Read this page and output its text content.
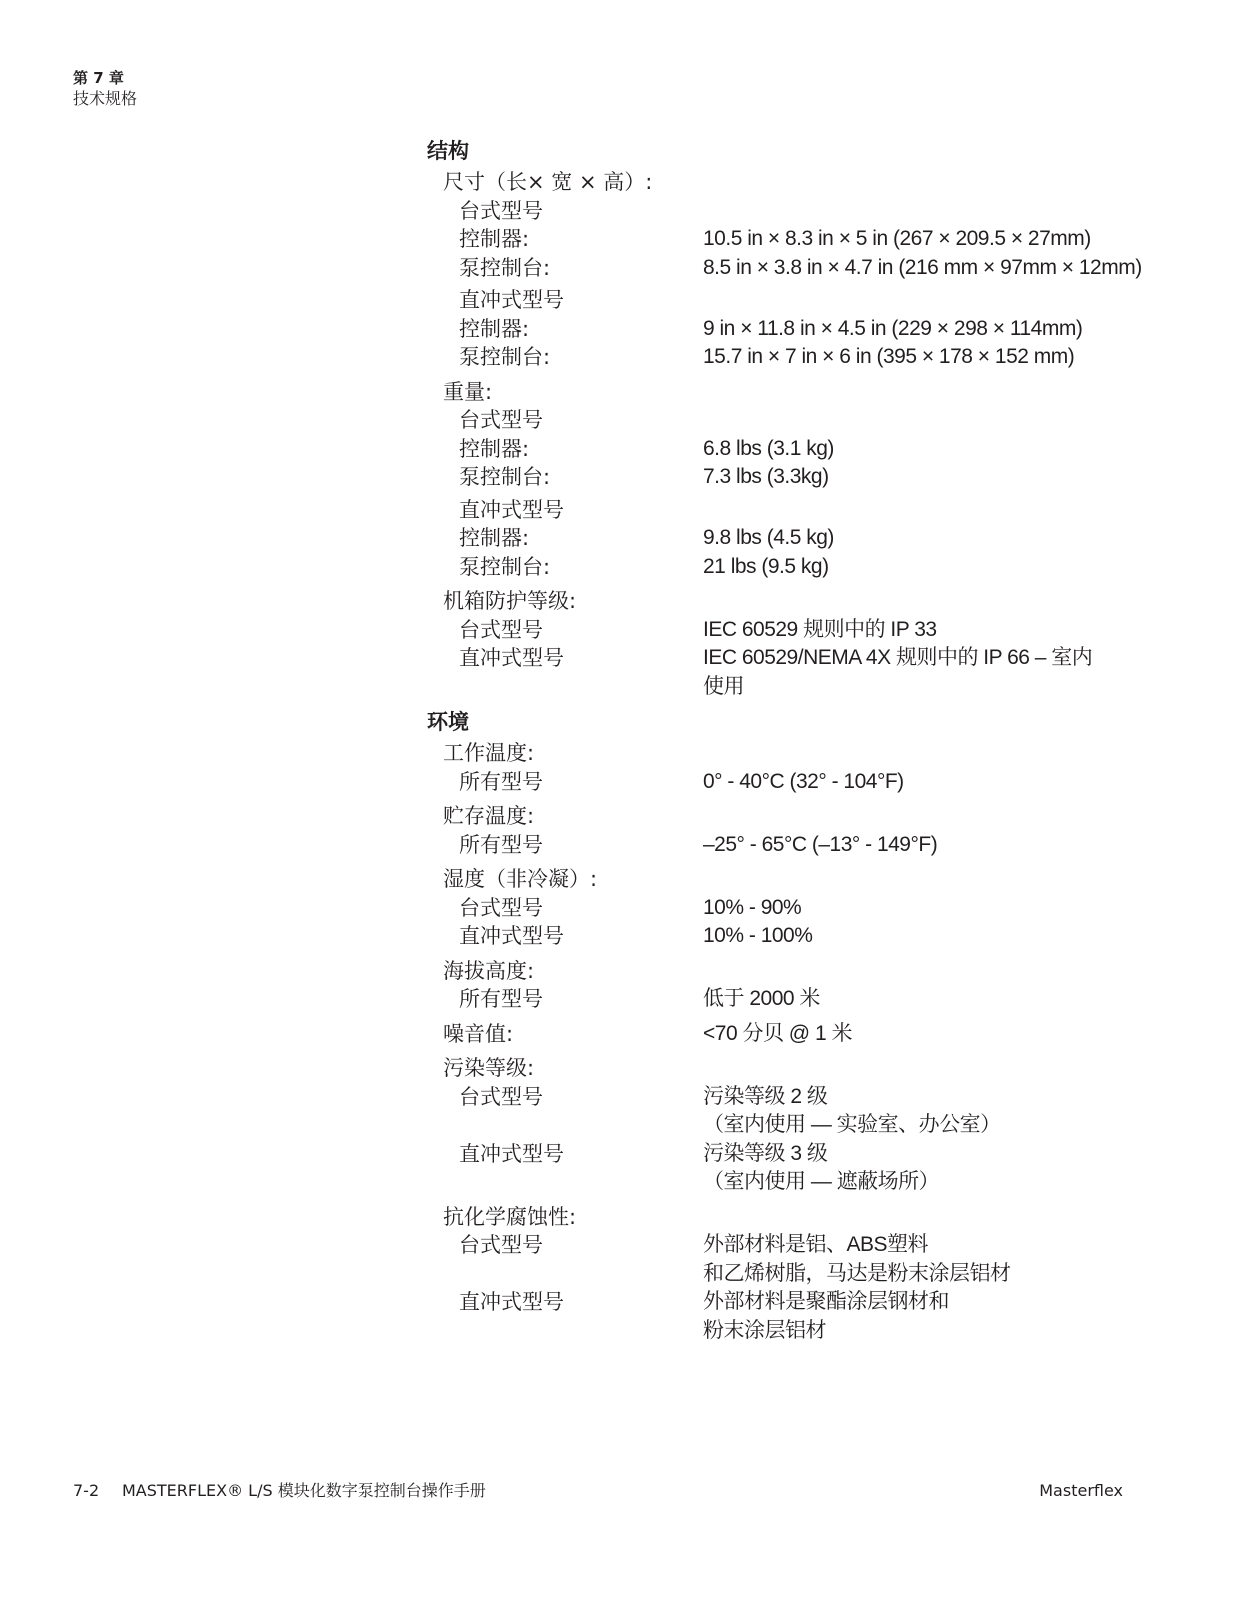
第 7 章
技术规格
结构
尺寸（长× 宽 × 高）:
台式型号
控制器:	10.5 in × 8.3 in × 5 in (267 × 209.5 × 27mm)
泵控制台:	8.5 in × 3.8 in × 4.7 in (216 mm × 97mm × 12mm)
直冲式型号
控制器:	9 in × 11.8 in × 4.5 in (229 × 298 × 114mm)
泵控制台:	15.7 in × 7 in × 6 in (395 × 178 × 152 mm)
重量:
台式型号
控制器:	6.8 lbs (3.1 kg)
泵控制台:	7.3 lbs (3.3kg)
直冲式型号
控制器:	9.8 lbs (4.5 kg)
泵控制台:	21 lbs (9.5 kg)
机箱防护等级:
台式型号	IEC 60529 规则中的 IP 33
直冲式型号	IEC 60529/NEMA 4X 规则中的 IP 66 – 室内
使用
环境
工作温度:
所有型号	0° - 40°C (32° - 104°F)
贮存温度:
所有型号	–25° - 65°C (–13° - 149°F)
湿度（非冷凝）:
台式型号	10% - 90%
直冲式型号	10% - 100%
海拔高度:
所有型号	低于 2000 米
噪音值:	<70 分贝 @ 1 米
污染等级:
台式型号	污染等级 2 级
（室内使用 — 实验室、办公室）
直冲式型号	污染等级 3 级
（室内使用 — 遮蔽场所）
抗化学腐蚀性:
台式型号	外部材料是铝、ABS塑料
和乙烯树脂，马达是粉末涂层铝材
直冲式型号	外部材料是聚酯涂层钢材和
粉末涂层铝材
7-2 MASTERFLEX® L/S 模块化数字泵控制台操作手册	Masterflex
